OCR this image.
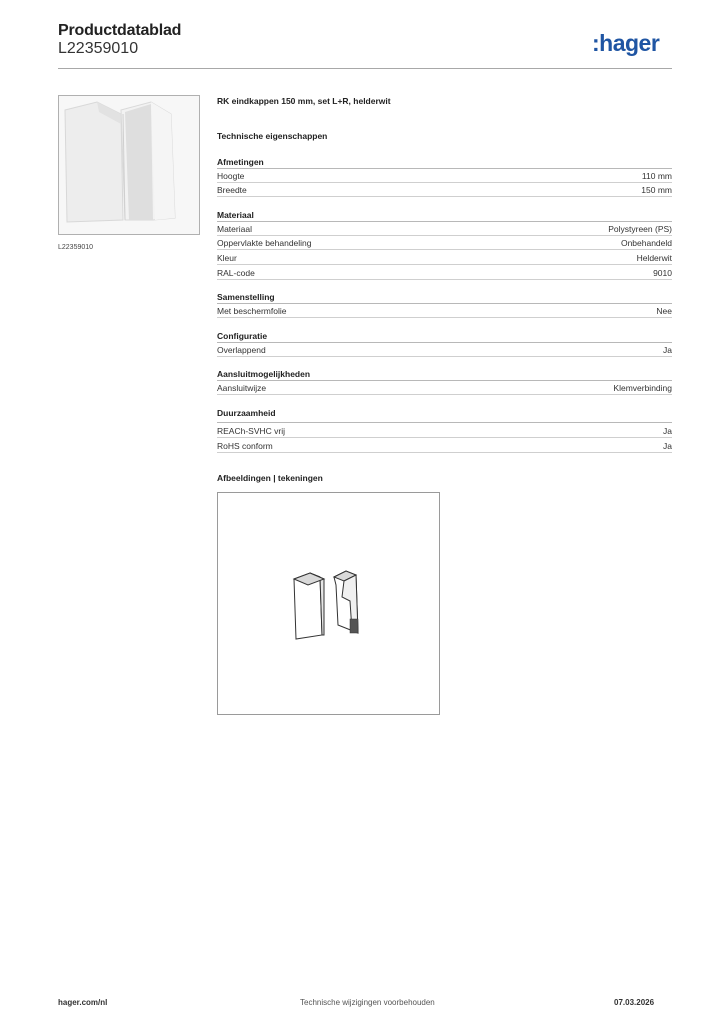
Productdatablad
L22359010	:hager
L22359010
RK eindkappen 150 mm, set L+R, helderwit
Technische eigenschappen
Afmetingen
Hoogte	110 mm
Breedte	150 mm
Materiaal
Materiaal	Polystyreen (PS)
Oppervlakte behandeling	Onbehandeld
Kleur	Helderwit
RAL-code	9010
Samenstelling
Met beschermfolie	Nee
Configuratie
Overlappend	Ja
Aansluitmogelijkheden
Aansluitwijze	Klemverbinding
Duurzaamheid
REACh-SVHC vrij	Ja
RoHS conform	Ja
Afbeeldingen | tekeningen
hager.com/nl	Technische wijzigingen voorbehouden	07.03.2026
